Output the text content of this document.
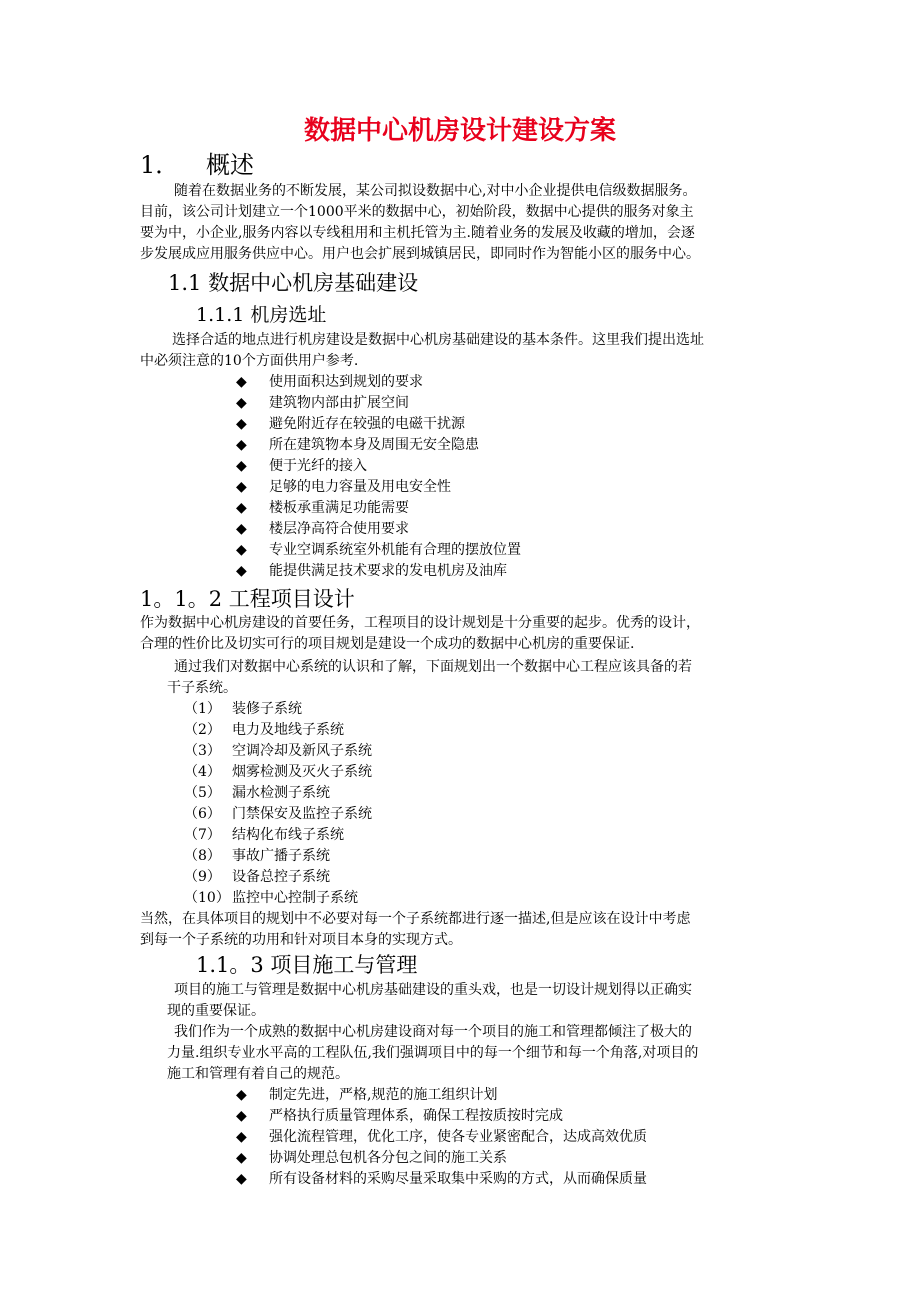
数据中心机房设计建设方案
1． 概述
随着在数据业务的不断发展，某公司拟设数据中心,对中小企业提供电信级数据服务。
目前，该公司计划建立一个1000平米的数据中心，初始阶段，数据中心提供的服务对象主
要为中，小企业,服务内容以专线租用和主机托管为主.随着业务的发展及收藏的增加，会逐
步发展成应用服务供应中心。用户也会扩展到城镇居民，即同时作为智能小区的服务中心。
1.1 数据中心机房基础建设
1.1.1 机房选址
选择合适的地点进行机房建设是数据中心机房基础建设的基本条件。这里我们提出选址
中必须注意的10个方面供用户参考.
◆ 使用面积达到规划的要求
◆ 建筑物内部由扩展空间
◆ 避免附近存在较强的电磁干扰源
◆ 所在建筑物本身及周围无安全隐患
◆ 便于光纤的接入
◆ 足够的电力容量及用电安全性
◆ 楼板承重满足功能需要
◆ 楼层净高符合使用要求
◆ 专业空调系统室外机能有合理的摆放位置
◆ 能提供满足技术要求的发电机房及油库
1。1。2 工程项目设计
作为数据中心机房建设的首要任务，工程项目的设计规划是十分重要的起步。优秀的设计，
合理的性价比及切实可行的项目规划是建设一个成功的数据中心机房的重要保证.
通过我们对数据中心系统的认识和了解，下面规划出一个数据中心工程应该具备的若
干子系统。
（1） 装修子系统
（2） 电力及地线子系统
（3） 空调冷却及新风子系统
（4） 烟雾检测及灭火子系统
（5） 漏水检测子系统
（6） 门禁保安及监控子系统
（7） 结构化布线子系统
（8） 事故广播子系统
（9） 设备总控子系统
（10） 监控中心控制子系统
当然，在具体项目的规划中不必要对每一个子系统都进行逐一描述,但是应该在设计中考虑
到每一个子系统的功用和针对项目本身的实现方式。
1.1。3 项目施工与管理
项目的施工与管理是数据中心机房基础建设的重头戏，也是一切设计规划得以正确实
现的重要保证。
我们作为一个成熟的数据中心机房建设商对每一个项目的施工和管理都倾注了极大的
力量.组织专业水平高的工程队伍,我们强调项目中的每一个细节和每一个角落,对项目的
施工和管理有着自己的规范。
◆ 制定先进，严格,规范的施工组织计划
◆ 严格执行质量管理体系，确保工程按质按时完成
◆ 强化流程管理，优化工序，使各专业紧密配合，达成高效优质
◆ 协调处理总包机各分包之间的施工关系
◆ 所有设备材料的采购尽量采取集中采购的方式，从而确保质量
